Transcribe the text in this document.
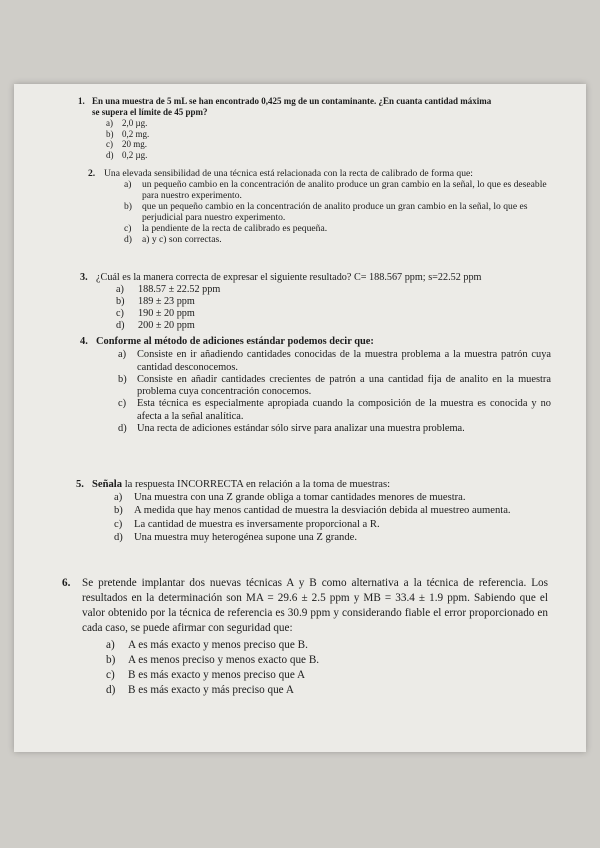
1. En una muestra de 5 mL se han encontrado 0,425 mg de un contaminante. ¿En cuanta cantidad máxima se supera el límite de 45 ppm?
a)	2,0 µg.
b) 0,2 mg.
c)	20 mg.
d) 0,2 µg.
2. Una elevada sensibilidad de una técnica está relacionada con la recta de calibrado de forma que:
a)	un pequeño cambio en la concentración de analito produce un gran cambio en la señal, lo que es deseable para nuestro experimento.
b)	que un pequeño cambio en la concentración de analito produce un gran cambio en la señal, lo que es perjudicial para nuestro experimento.
c)	la pendiente de la recta de calibrado es pequeña.
d)	a) y c) son correctas.
3. ¿Cuál es la manera correcta de expresar el siguiente resultado? C= 188.567 ppm; s=22.52 ppm
a)	188.57 ± 22.52 ppm
b)	189 ± 23 ppm
c)	190 ± 20 ppm
d)	200 ± 20 ppm
4. Conforme al método de adiciones estándar podemos decir que:
a)	Consiste en ir añadiendo cantidades conocidas de la muestra problema a la muestra patrón cuya cantidad desconocemos.
b) Consiste en añadir cantidades crecientes de patrón a una cantidad fija de analito en la muestra problema cuya concentración conocemos.
c)	Esta técnica es especialmente apropiada cuando la composición de la muestra es conocida y no afecta a la señal analítica.
d) Una recta de adiciones estándar sólo sirve para analizar una muestra problema.
5. Señala la respuesta INCORRECTA en relación a la toma de muestras:
a)	Una muestra con una Z grande obliga a tomar cantidades menores de muestra.
b)	A medida que hay menos cantidad de muestra la desviación debida al muestreo aumenta.
c)	La cantidad de muestra es inversamente proporcional a R.
d)	Una muestra muy heterogénea supone una Z grande.
6. Se pretende implantar dos nuevas técnicas A y B como alternativa a la técnica de referencia. Los resultados en la determinación son MA = 29.6 ± 2.5 ppm y MB = 33.4 ± 1.9 ppm. Sabiendo que el valor obtenido por la técnica de referencia es 30.9 ppm y considerando fiable el error proporcionado en cada caso, se puede afirmar con seguridad que:
a)	A es más exacto y menos preciso que B.
b)	A es menos preciso y menos exacto que B.
c)	B es más exacto y menos preciso que A
d)	B es más exacto y más preciso que A
